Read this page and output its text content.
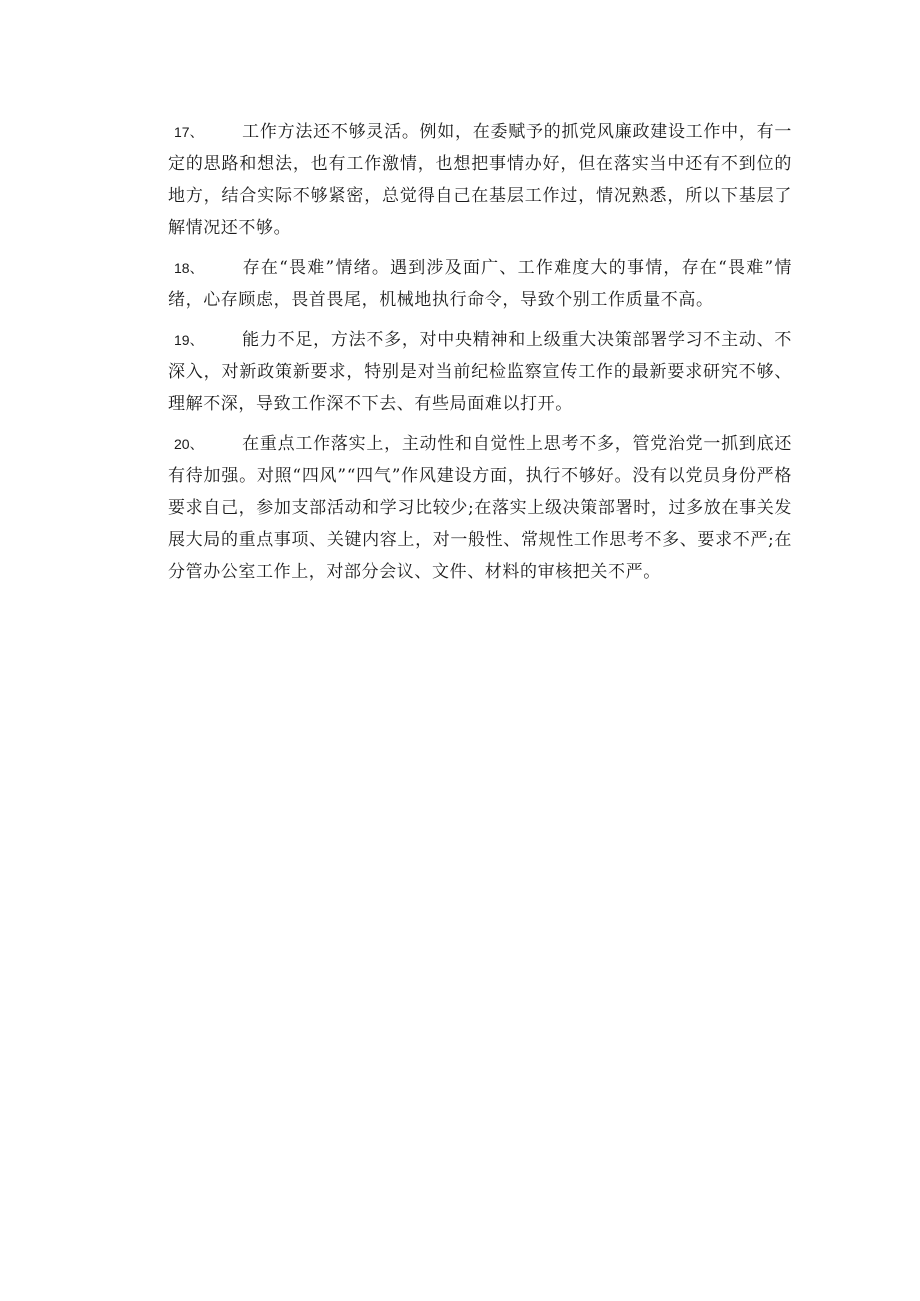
17、 工作方法还不够灵活。例如，在委赋予的抓党风廉政建设工作中，有一定的思路和想法，也有工作激情，也想把事情办好，但在落实当中还有不到位的地方，结合实际不够紧密，总觉得自己在基层工作过，情况熟悉，所以下基层了解情况还不够。

18、 存在“畏难”情绪。遇到涉及面广、工作难度大的事情，存在“畏难”情绪，心存顾虑，畏首畏尾，机械地执行命令，导致个别工作质量不高。

19、 能力不足，方法不多，对中央精神和上级重大决策部署学习不主动、不深入，对新政策新要求，特别是对当前纪检监察宣传工作的最新要求研究不够、理解不深，导致工作深不下去、有些局面难以打开。

20、 在重点工作落实上，主动性和自觉性上思考不多，管党治党一抓到底还有待加强。对照“四风”“四气”作风建设方面，执行不够好。没有以党员身份严格要求自己，参加支部活动和学习比较少;在落实上级决策部署时，过多放在事关发展大局的重点事项、关键内容上，对一般性、常规性工作思考不多、要求不严;在分管办公室工作上，对部分会议、文件、材料的审核把关不严。
